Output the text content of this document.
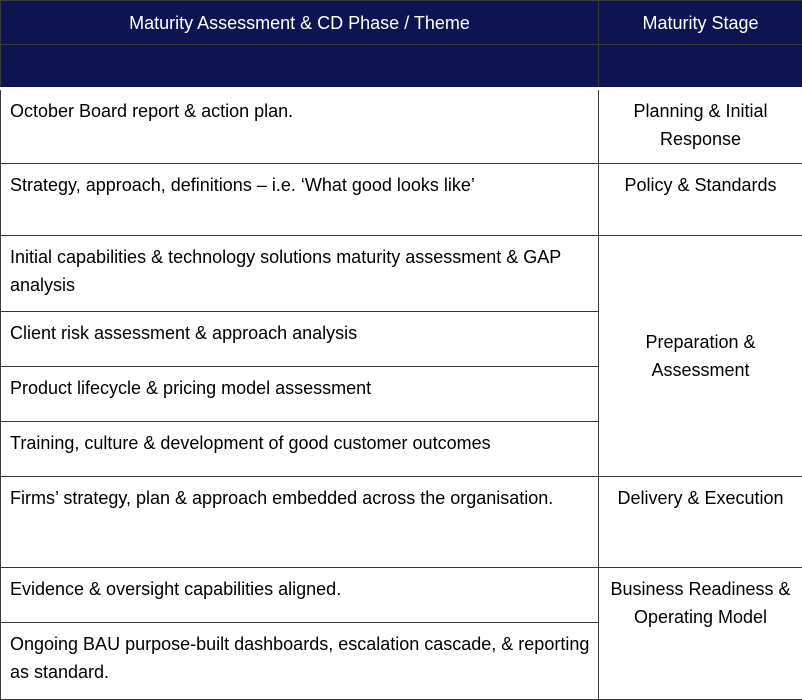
Maturity Assessment & CD Phase / Theme	Maturity Stage

October Board report & action plan.	Planning & Initial Response
Strategy, approach, definitions – i.e. ‘What good looks like’	Policy & Standards
Initial capabilities & technology solutions maturity assessment & GAP analysis	Preparation & Assessment
Client risk assessment & approach analysis	
Product lifecycle & pricing model assessment	
Training, culture & development of good customer outcomes	
Firms’ strategy, plan & approach embedded across the organisation.	Delivery & Execution
Evidence & oversight capabilities aligned.	Business Readiness & Operating Model
Ongoing BAU purpose-built dashboards, escalation cascade, & reporting as standard.	
